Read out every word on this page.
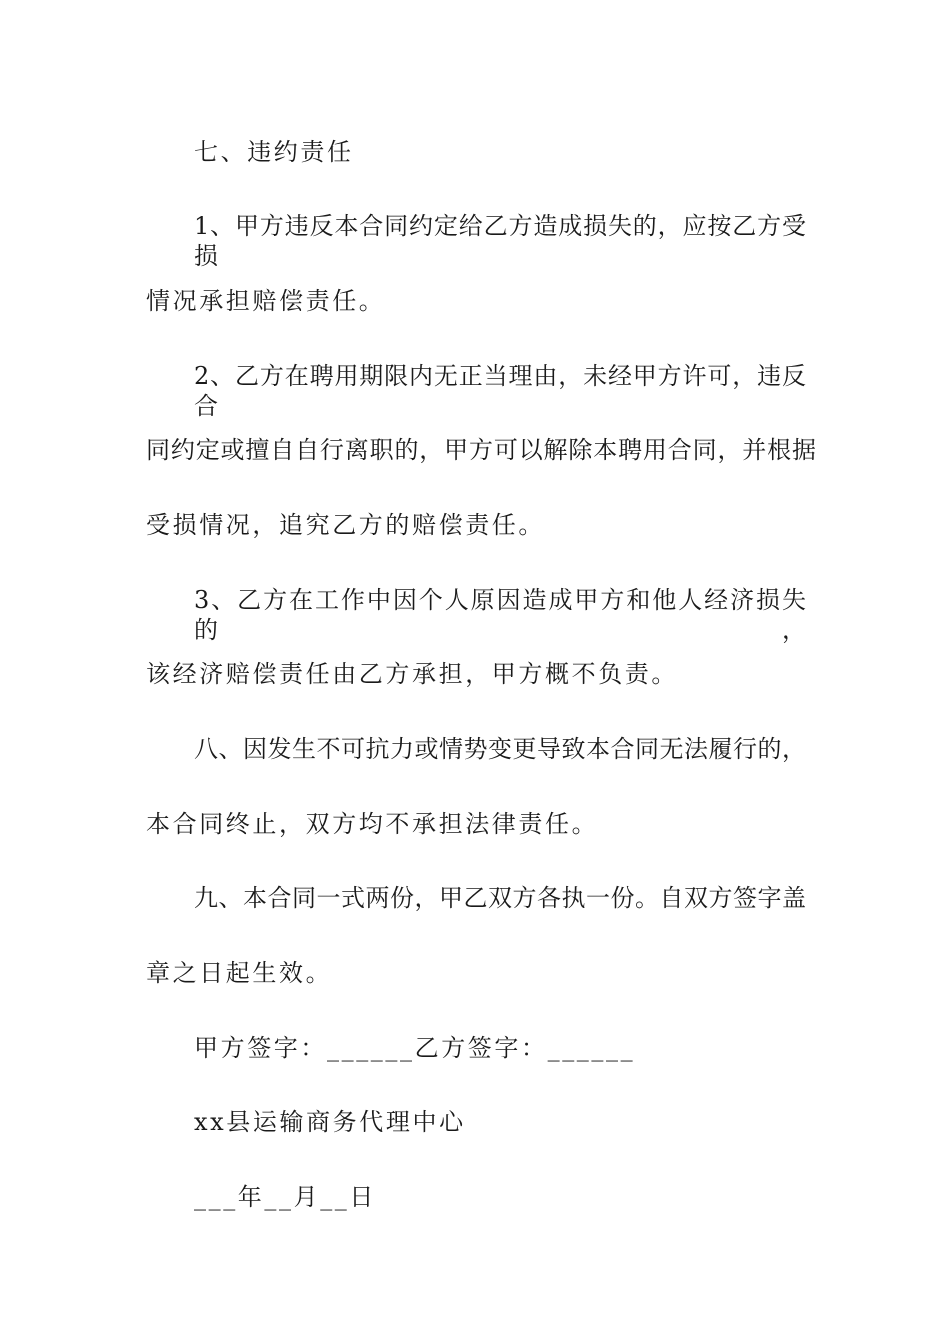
七、违约责任
1、甲方违反本合同约定给乙方造成损失的，应按乙方受损
情况承担赔偿责任。
2、乙方在聘用期限内无正当理由，未经甲方许可，违反合
同约定或擅自自行离职的，甲方可以解除本聘用合同，并根据
受损情况，追究乙方的赔偿责任。
3、乙方在工作中因个人原因造成甲方和他人经济损失的，
该经济赔偿责任由乙方承担，甲方概不负责。
八、因发生不可抗力或情势变更导致本合同无法履行的，
本合同终止，双方均不承担法律责任。
九、本合同一式两份，甲乙双方各执一份。自双方签字盖
章之日起生效。
甲方签字：______乙方签字：______
xx县运输商务代理中心
___年__月__日
